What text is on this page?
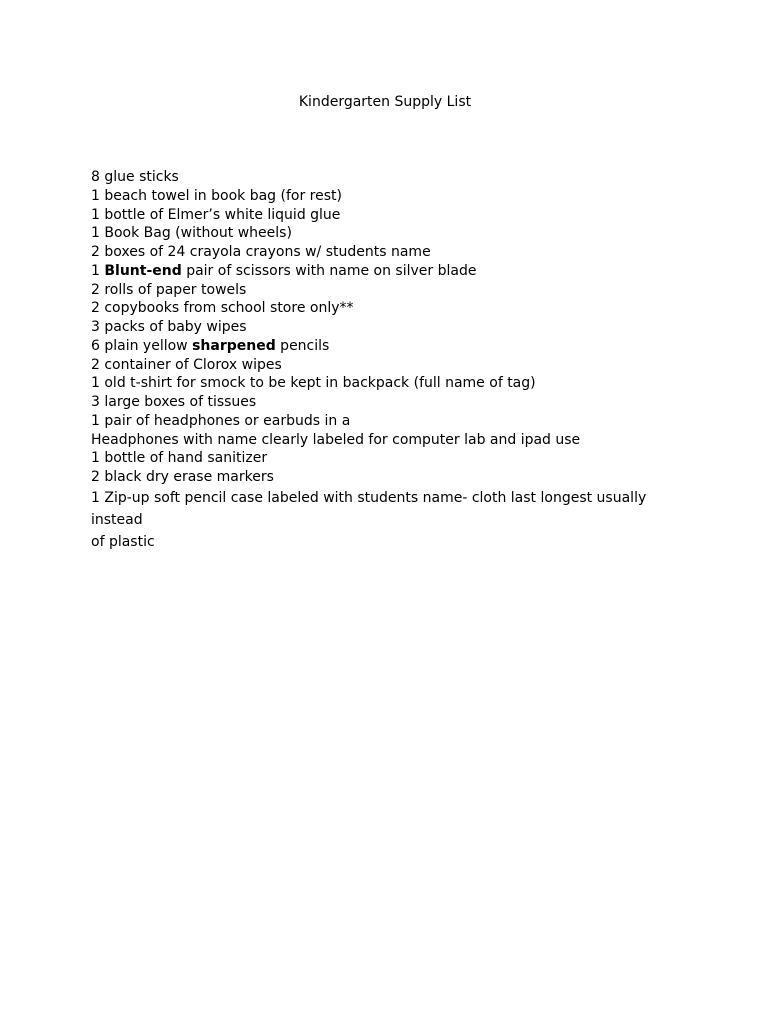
Kindergarten Supply List
8 glue sticks
1 beach towel in book bag (for rest)
1 bottle of Elmer’s white liquid glue
1 Book Bag (without wheels)
2 boxes of 24 crayola crayons w/ students name
1 Blunt-end pair of scissors with name on silver blade
2 rolls of paper towels
2 copybooks from school store only**
3 packs of baby wipes
6 plain yellow sharpened pencils
2 container of Clorox wipes
1 old t-shirt for smock to be kept in backpack (full name of tag)
3 large boxes of tissues
1 pair of headphones or earbuds in a
Headphones with name clearly labeled for computer lab and ipad use
1 bottle of hand sanitizer
2 black dry erase markers
1 Zip-up soft pencil case labeled with students name- cloth last longest usually instead
of plastic
